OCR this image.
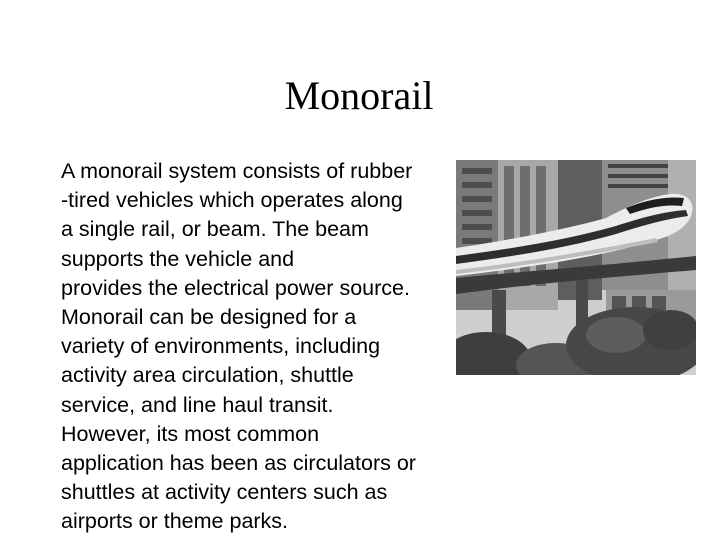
Monorail
A monorail system consists of rubber
-tired vehicles which operates along
a single rail, or beam. The beam
supports the vehicle and
provides the electrical power source.
Monorail can be designed for a
variety of environments, including
activity area circulation, shuttle
service, and line haul transit.
However, its most common
application has been as circulators or
shuttles at activity centers such as
airports or theme parks.
